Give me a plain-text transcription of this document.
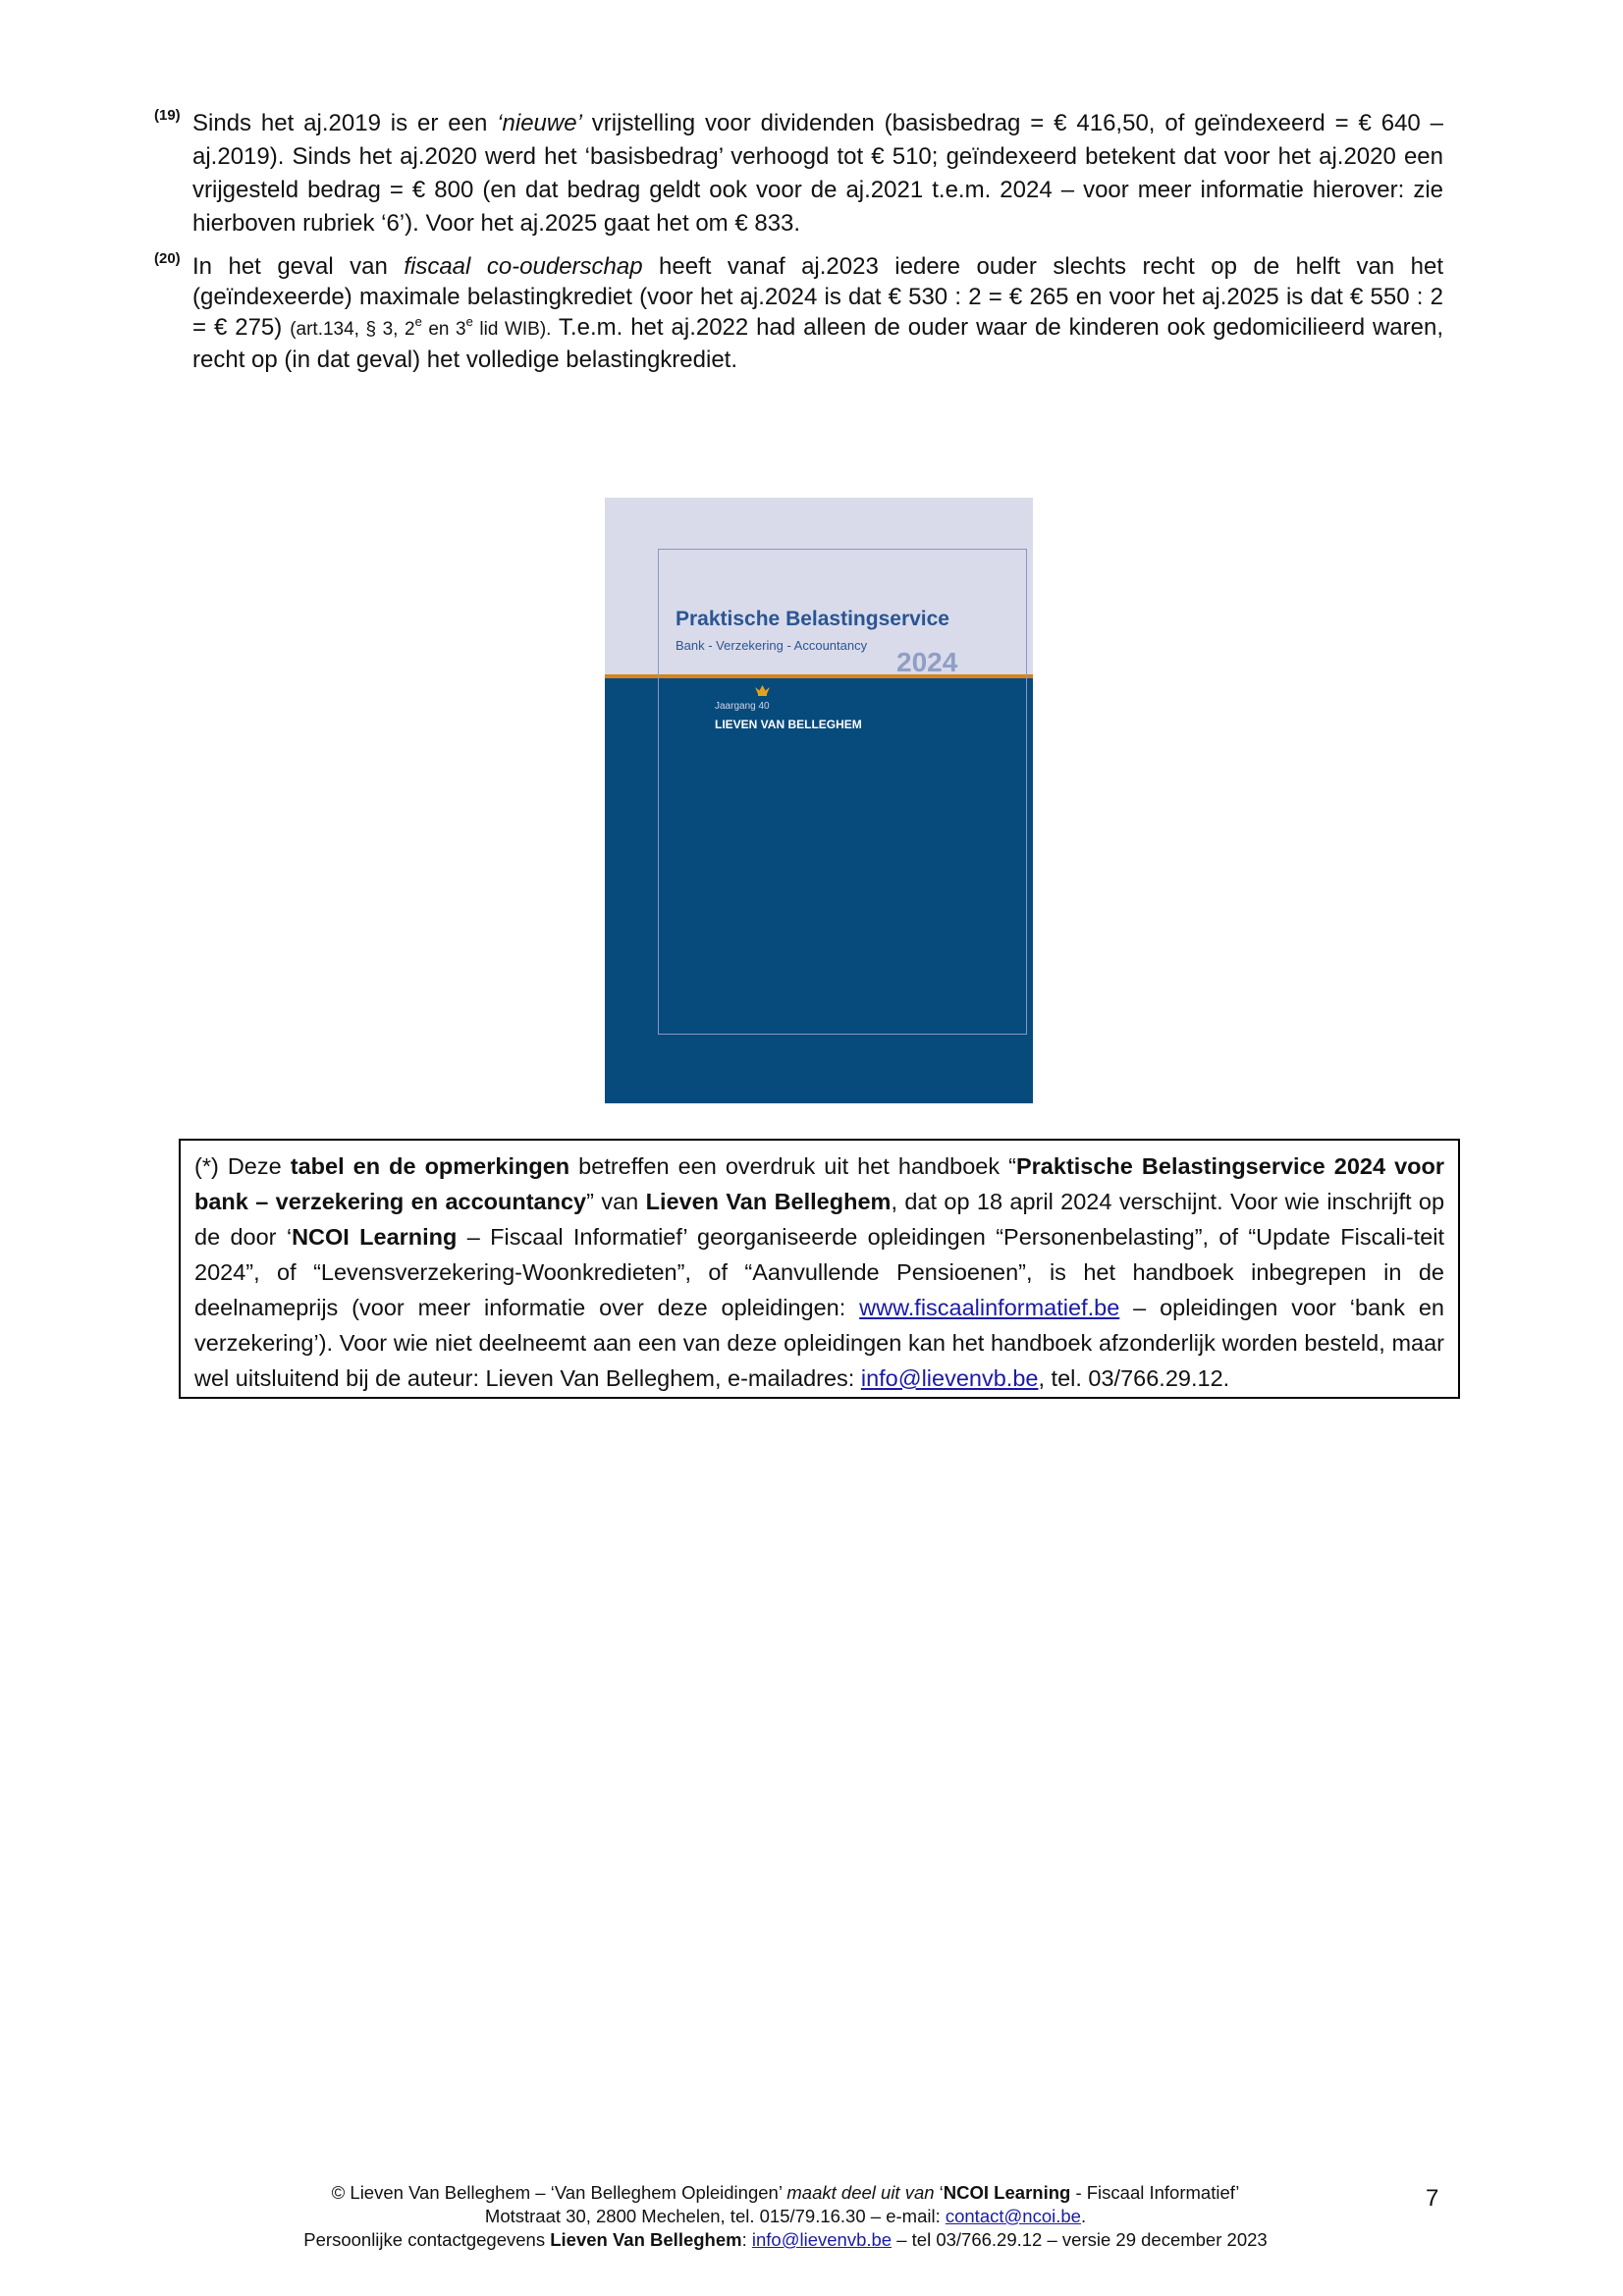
(19) Sinds het aj.2019 is er een ‘nieuwe’ vrijstelling voor dividenden (basisbedrag = € 416,50, of geïndexeerd = € 640 – aj.2019). Sinds het aj.2020 werd het ‘basisbedrag’ verhoogd tot € 510; geïndexeerd betekent dat voor het aj.2020 een vrijgesteld bedrag = € 800 (en dat bedrag geldt ook voor de aj.2021 t.e.m. 2024 – voor meer informatie hierover: zie hierboven rubriek ‘6’). Voor het aj.2025 gaat het om € 833.

(20) In het geval van fiscaal co-ouderschap heeft vanaf aj.2023 iedere ouder slechts recht op de helft van het (geïndexeerde) maximale belastingkrediet (voor het aj.2024 is dat € 530 : 2 = € 265 en voor het aj.2025 is dat € 550 : 2 = € 275) (art.134, § 3, 2e en 3e lid WIB). T.e.m. het aj.2022 had alleen de ouder waar de kinderen ook gedomicilieerd waren, recht op (in dat geval) het volledige belastingkrediet.

Praktische Belastingservice
Bank - Verzekering - Accountancy
2024
Jaargang 40
LIEVEN VAN BELLEGHEM

(*) Deze tabel en de opmerkingen betreffen een overdruk uit het handboek “Praktische Belastingservice 2024 voor bank – verzekering en accountancy” van Lieven Van Belleghem, dat op 18 april 2024 verschijnt. Voor wie inschrijft op de door ‘NCOI Learning – Fiscaal Informatief’ georganiseerde opleidingen “Personenbelasting”, of “Update Fiscali-teit 2024”, of “Levensverzekering-Woonkredieten”, of “Aanvullende Pensioenen”, is het handboek inbegrepen in de deelnameprijs (voor meer informatie over deze opleidingen: www.fiscaalinformatief.be – opleidingen voor ‘bank en verzekering’). Voor wie niet deelneemt aan een van deze opleidingen kan het handboek afzonderlijk worden besteld, maar wel uitsluitend bij de auteur: Lieven Van Belleghem, e-mailadres: info@lievenvb.be, tel. 03/766.29.12.

© Lieven Van Belleghem – ‘Van Belleghem Opleidingen’ maakt deel uit van ‘NCOI Learning - Fiscaal Informatief’
Motstraat 30, 2800 Mechelen, tel. 015/79.16.30 – e-mail: contact@ncoi.be.
Persoonlijke contactgegevens Lieven Van Belleghem: info@lievenvb.be – tel 03/766.29.12 – versie 29 december 2023
7
